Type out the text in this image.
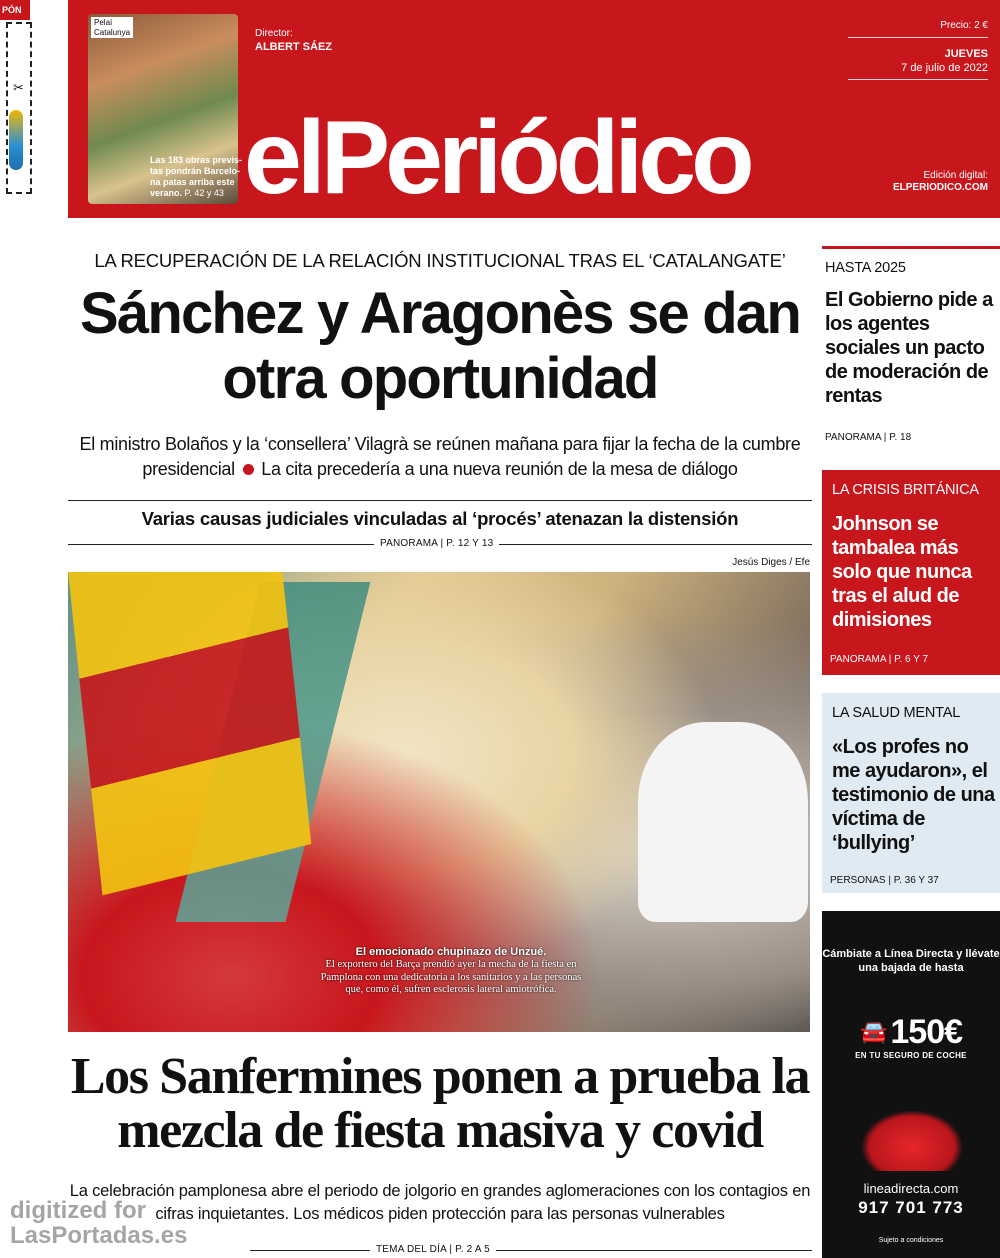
PÓN
✂
Pelaí
Catalunya
Las 183 obras previs-tas pondrán Barcelo-na patas arriba este verano. P. 42 y 43
Director:
ALBERT SÁEZ
elPeriódico
Precio: 2 €
JUEVES
7 de julio de 2022
Edición digital:
ELPERIODICO.COM
LA RECUPERACIÓN DE LA RELACIÓN INSTITUCIONAL TRAS EL ‘CATALANGATE’
Sánchez y Aragonès se dan otra oportunidad

El ministro Bolaños y la ‘consellera’ Vilagrà se reúnen mañana para fijar la fecha de la cumbre presidencial La cita precedería a una nueva reunión de la mesa de diálogo

Varias causas judiciales vinculadas al ‘procés’ atenazan la distensión
PANORAMA | P. 12 Y 13
Jesús Diges / Efe
El emocionado chupinazo de Unzué.
El exportero del Barça prendió ayer la mecha de la fiesta en Pamplona con una dedicatoria a los sanitarios y a las personas que, como él, sufren esclerosis lateral amiotrófica.
Los Sanfermines ponen a prueba la mezcla de fiesta masiva y covid

La celebración pamplonesa abre el periodo de jolgorio en grandes aglomeraciones con los contagios en cifras inquietantes. Los médicos piden protección para las personas vulnerables

TEMA DEL DÍA | P. 2 A 5
digitized for
LasPortadas.es
HASTA 2025
El Gobierno pide a los agentes sociales un pacto de moderación de rentas
PANORAMA | P. 18
LA CRISIS BRITÁNICA
Johnson se tambalea más solo que nunca tras el alud de dimisiones
PANORAMA | P. 6 Y 7
LA SALUD MENTAL
«Los profes no me ayudaron», el testimonio de una víctima de ‘bullying’
PERSONAS | P. 36 Y 37
Cámbiate a Línea Directa y llévate una bajada de hasta
🚘 150€
EN TU SEGURO DE COCHE
lineadirecta.com
917 701 773
Sujeto a condiciones
